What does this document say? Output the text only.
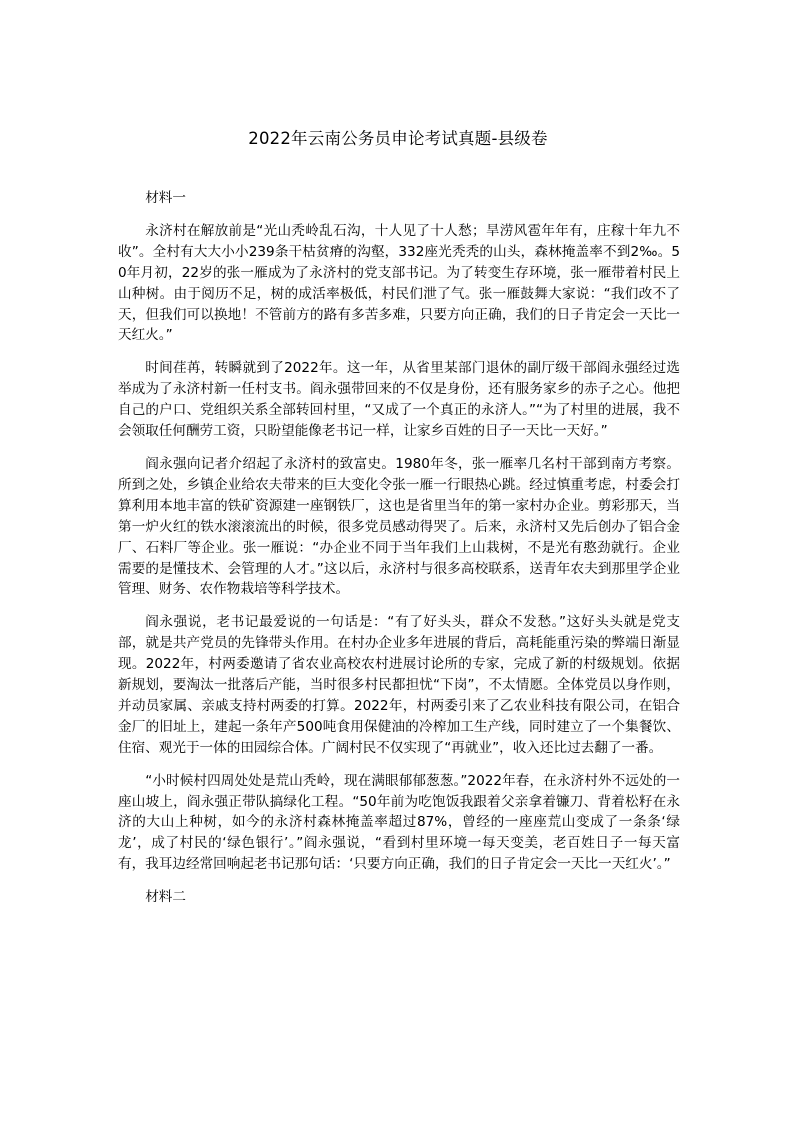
2022年云南公务员申论考试真题-县级卷

材料一

永济村在解放前是“光山秃岭乱石沟，十人见了十人愁；旱涝风雹年年有，庄稼十年九不收”。全村有大大小小239条干枯贫瘠的沟壑，332座光秃秃的山头，森林掩盖率不到2‰。50年月初，22岁的张一雁成为了永济村的党支部书记。为了转变生存环境，张一雁带着村民上山种树。由于阅历不足，树的成活率极低，村民们泄了气。张一雁鼓舞大家说：“我们改不了天，但我们可以换地！不管前方的路有多苦多难，只要方向正确，我们的日子肯定会一天比一天红火。”

时间荏苒，转瞬就到了2022年。这一年，从省里某部门退休的副厅级干部阎永强经过选举成为了永济村新一任村支书。阎永强带回来的不仅是身份，还有服务家乡的赤子之心。他把自己的户口、党组织关系全部转回村里，“又成了一个真正的永济人。”“为了村里的进展，我不会领取任何酬劳工资，只盼望能像老书记一样，让家乡百姓的日子一天比一天好。”

阎永强向记者介绍起了永济村的致富史。1980年冬，张一雁率几名村干部到南方考察。所到之处，乡镇企业给农夫带来的巨大变化令张一雁一行眼热心跳。经过慎重考虑，村委会打算利用本地丰富的铁矿资源建一座钢铁厂，这也是省里当年的第一家村办企业。剪彩那天，当第一炉火红的铁水滚滚流出的时候，很多党员感动得哭了。后来，永济村又先后创办了铝合金厂、石料厂等企业。张一雁说：“办企业不同于当年我们上山栽树，不是光有憨劲就行。企业需要的是懂技术、会管理的人才。”这以后，永济村与很多高校联系，送青年农夫到那里学企业管理、财务、农作物栽培等科学技术。

阎永强说，老书记最爱说的一句话是：“有了好头头，群众不发愁。”这好头头就是党支部，就是共产党员的先锋带头作用。在村办企业多年进展的背后，高耗能重污染的弊端日渐显现。2022年，村两委邀请了省农业高校农村进展讨论所的专家，完成了新的村级规划。依据新规划，要淘汰一批落后产能，当时很多村民都担忧“下岗”，不太情愿。全体党员以身作则，并动员家属、亲戚支持村两委的打算。2022年，村两委引来了乙农业科技有限公司，在铝合金厂的旧址上，建起一条年产500吨食用保健油的冷榨加工生产线，同时建立了一个集餐饮、住宿、观光于一体的田园综合体。广阔村民不仅实现了“再就业”，收入还比过去翻了一番。

“小时候村四周处处是荒山秃岭，现在满眼郁郁葱葱。”2022年春，在永济村外不远处的一座山坡上，阎永强正带队搞绿化工程。“50年前为吃饱饭我跟着父亲拿着镰刀、背着松籽在永济的大山上种树，如今的永济村森林掩盖率超过87%，曾经的一座座荒山变成了一条条‘绿龙’，成了村民的‘绿色银行’。”阎永强说，“看到村里环境一每天变美，老百姓日子一每天富有，我耳边经常回响起老书记那句话：‘只要方向正确，我们的日子肯定会一天比一天红火’。”

材料二
